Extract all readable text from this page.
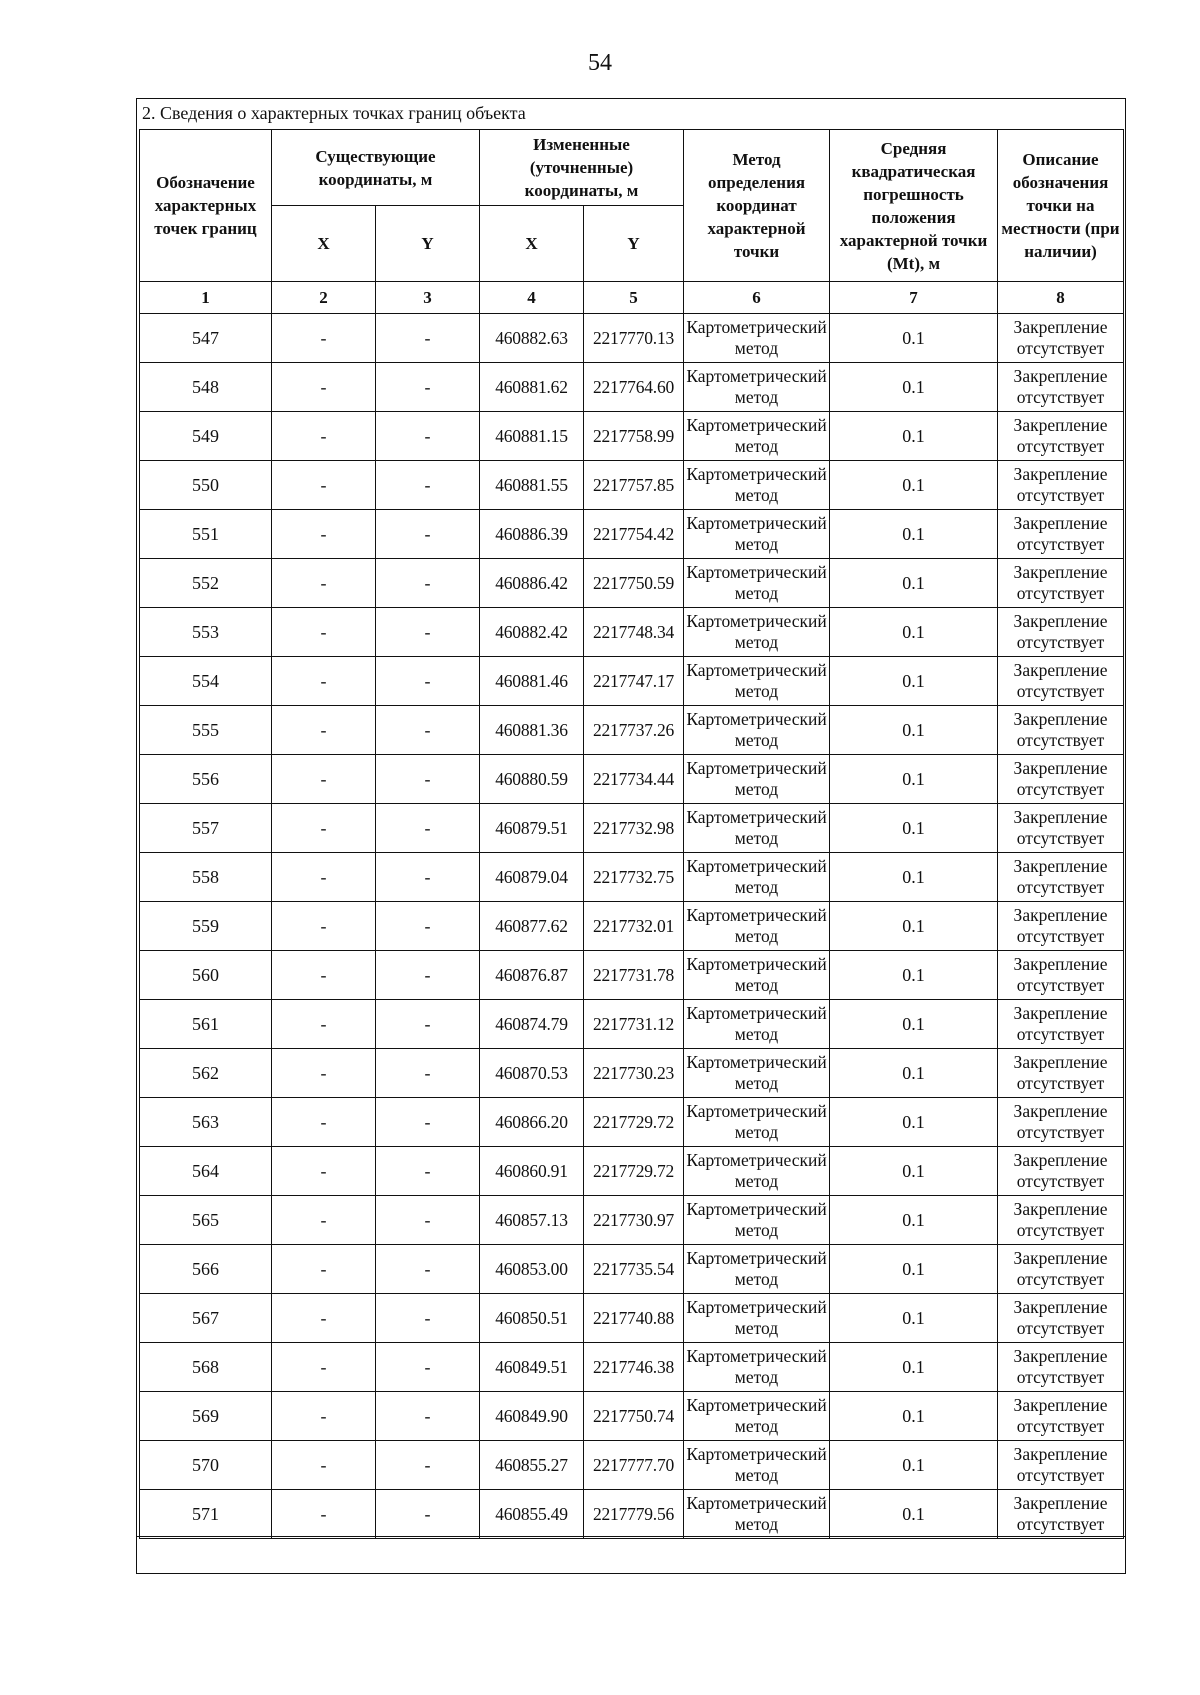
54
2. Сведения о характерных точках границ объекта
Обозначение характерных точек границ	Существующие координаты, м		Измененные (уточненные) координаты, м		Метод определения координат характерной точки	Средняя квадратическая погрешность положения характерной точки (Mt), м	Описание обозначения точки на местности (при наличии)
	X	Y	X	Y			
1	2	3	4	5	6	7	8
547	-	-	460882.63	2217770.13	Картометрический метод	0.1	Закрепление отсутствует
548	-	-	460881.62	2217764.60	Картометрический метод	0.1	Закрепление отсутствует
549	-	-	460881.15	2217758.99	Картометрический метод	0.1	Закрепление отсутствует
550	-	-	460881.55	2217757.85	Картометрический метод	0.1	Закрепление отсутствует
551	-	-	460886.39	2217754.42	Картометрический метод	0.1	Закрепление отсутствует
552	-	-	460886.42	2217750.59	Картометрический метод	0.1	Закрепление отсутствует
553	-	-	460882.42	2217748.34	Картометрический метод	0.1	Закрепление отсутствует
554	-	-	460881.46	2217747.17	Картометрический метод	0.1	Закрепление отсутствует
555	-	-	460881.36	2217737.26	Картометрический метод	0.1	Закрепление отсутствует
556	-	-	460880.59	2217734.44	Картометрический метод	0.1	Закрепление отсутствует
557	-	-	460879.51	2217732.98	Картометрический метод	0.1	Закрепление отсутствует
558	-	-	460879.04	2217732.75	Картометрический метод	0.1	Закрепление отсутствует
559	-	-	460877.62	2217732.01	Картометрический метод	0.1	Закрепление отсутствует
560	-	-	460876.87	2217731.78	Картометрический метод	0.1	Закрепление отсутствует
561	-	-	460874.79	2217731.12	Картометрический метод	0.1	Закрепление отсутствует
562	-	-	460870.53	2217730.23	Картометрический метод	0.1	Закрепление отсутствует
563	-	-	460866.20	2217729.72	Картометрический метод	0.1	Закрепление отсутствует
564	-	-	460860.91	2217729.72	Картометрический метод	0.1	Закрепление отсутствует
565	-	-	460857.13	2217730.97	Картометрический метод	0.1	Закрепление отсутствует
566	-	-	460853.00	2217735.54	Картометрический метод	0.1	Закрепление отсутствует
567	-	-	460850.51	2217740.88	Картометрический метод	0.1	Закрепление отсутствует
568	-	-	460849.51	2217746.38	Картометрический метод	0.1	Закрепление отсутствует
569	-	-	460849.90	2217750.74	Картометрический метод	0.1	Закрепление отсутствует
570	-	-	460855.27	2217777.70	Картометрический метод	0.1	Закрепление отсутствует
571	-	-	460855.49	2217779.56	Картометрический метод	0.1	Закрепление отсутствует
